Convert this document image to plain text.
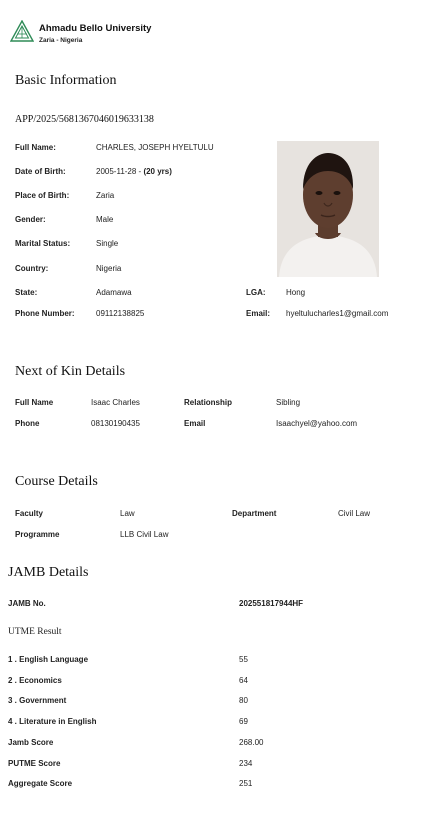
Ahmadu Bello University
Zaria - Nigeria
Basic Information
APP/2025/5681367046019633138
Full Name:	CHARLES, JOSEPH HYELTULU
Date of Birth:	2005-11-28 - (20 yrs)
Place of Birth:	Zaria
Gender:	Male
Marital Status:	Single
Country:	Nigeria
State:	Adamawa	LGA:	Hong
Phone Number:	09112138825	Email: hyeltulucharles1@gmail.com
Next of Kin Details
Full Name	Isaac Charles	Relationship	Sibling
Phone	08130190435	Email	Isaachyel@yahoo.com
Course Details
Faculty	Law	Department	Civil Law
Programme	LLB Civil Law
JAMB Details
JAMB No.	202551817944HF
UTME Result
1 . English Language	55
2 . Economics	64
3 . Government	80
4 . Literature in English	69
Jamb Score	268.00
PUTME Score	234
Aggregate Score	251
